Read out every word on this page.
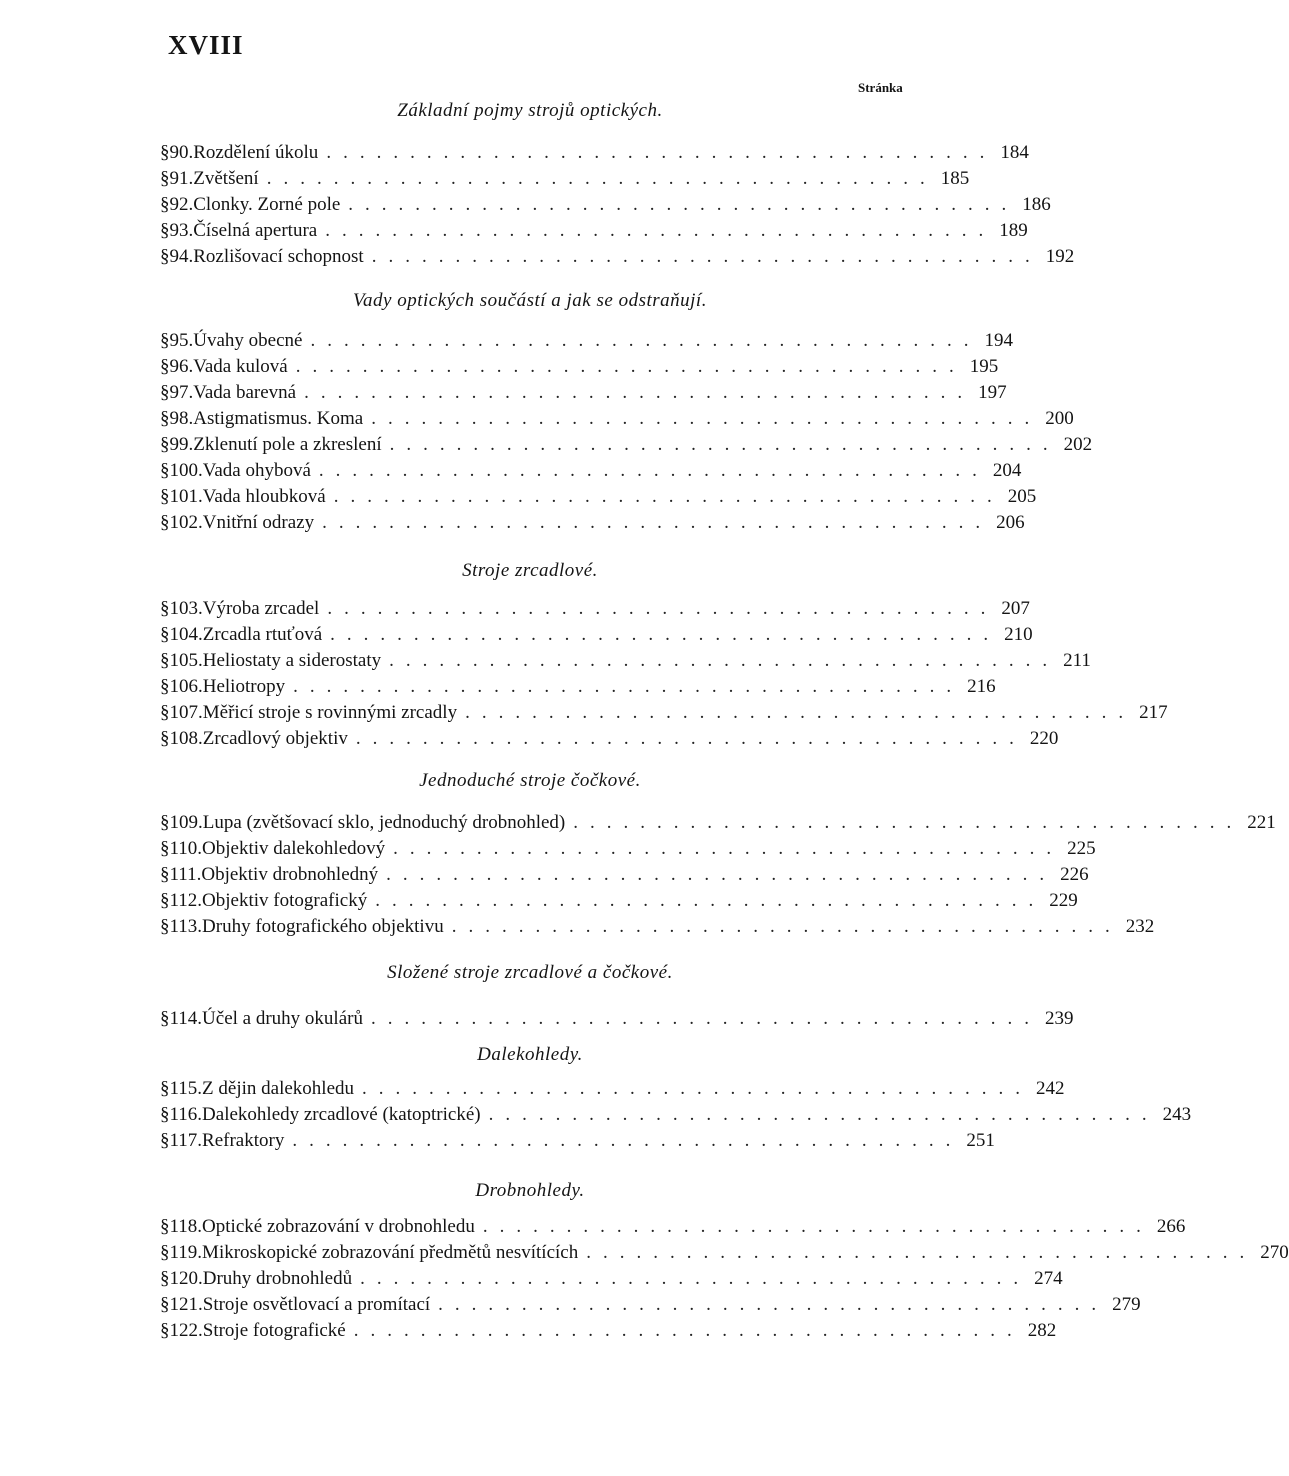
XVIII
Stránka
Základní pojmy strojů optických.
§ 90. Rozdělení úkolu ........................................ 184
§ 91. Zvětšení ........................................ 185
§ 92. Clonky. Zorné pole ........................................ 186
§ 93. Číselná apertura ........................................ 189
§ 94. Rozlišovací schopnost ........................................ 192
Vady optických součástí a jak se odstraňují.
§ 95. Úvahy obecné ........................................ 194
§ 96. Vada kulová ........................................ 195
§ 97. Vada barevná ........................................ 197
§ 98. Astigmatismus. Koma ........................................ 200
§ 99. Zklenutí pole a zkreslení ........................................ 202
§ 100. Vada ohybová ........................................ 204
§ 101. Vada hloubková ........................................ 205
§ 102. Vnitřní odrazy ........................................ 206
Stroje zrcadlové.
§ 103. Výroba zrcadel ........................................ 207
§ 104. Zrcadla rtuťová ........................................ 210
§ 105. Heliostaty a siderostaty ........................................ 211
§ 106. Heliotropy ........................................ 216
§ 107. Měřicí stroje s rovinnými zrcadly ........................................ 217
§ 108. Zrcadlový objektiv ........................................ 220
Jednoduché stroje čočkové.
§ 109. Lupa (zvětšovací sklo, jednoduchý drobnohled) ........................................ 221
§ 110. Objektiv dalekohledový ........................................ 225
§ 111. Objektiv drobnohledný ........................................ 226
§ 112. Objektiv fotografický ........................................ 229
§ 113. Druhy fotografického objektivu ........................................ 232
Složené stroje zrcadlové a čočkové.
§ 114. Účel a druhy okulárů ........................................ 239
Dalekohledy.
§ 115. Z dějin dalekohledu ........................................ 242
§ 116. Dalekohledy zrcadlové (katoptrické) ........................................ 243
§ 117. Refraktory ........................................ 251
Drobnohledy.
§ 118. Optické zobrazování v drobnohledu ........................................ 266
§ 119. Mikroskopické zobrazování předmětů nesvítících ........................................ 270
§ 120. Druhy drobnohledů ........................................ 274
§ 121. Stroje osvětlovací a promítací ........................................ 279
§ 122. Stroje fotografické ........................................ 282
